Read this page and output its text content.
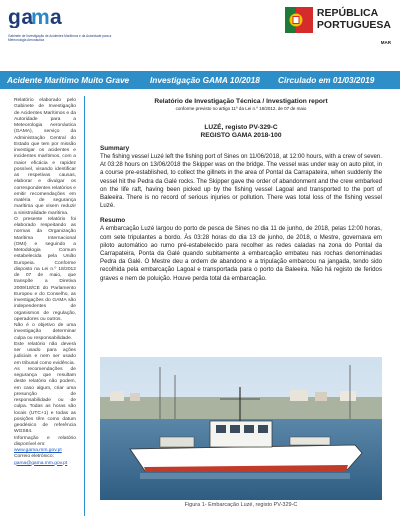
ga
m a
Gabinete de Investigação de Acidentes Marítimos e da Autoridade para a Meteorologia Aeronáutica
REPÚBLICA
PORTUGUESA
MAR
Acidente Marítimo Muito Grave	Investigação GAMA 10/2018 Circulado em 01/03/2019

Relatório elaborado pelo Gabinete de Investigação de Acidentes Marítimos e da Autoridade para a Meteorologia Aeronáutica (GAMA), serviço da Administração Central do Estado que tem por missão investigar os acidentes e incidentes marítimos, com a maior eficácia e rapidez possível, visando identificar as respetivas causas, elaborar e divulgar os correspondentes relatórios e emitir recomendações em matéria de segurança marítima que visem reduzir a sinistralidade marítima.

O presente relatório foi elaborado respeitando as normas da Organização Marítima Internacional (OMI) e seguindo a Metodologia Comum estabelecida pela União Europeia. Conforme disposto na Lei n.º 18/2012 de 07 de maio, que transpõe a Diretiva 2009/18/CE do Parlamento Europeu e do Conselho, as investigações do GAMA são independentes de organismos de regulação, operadores ou outros.

Não é o objetivo de uma investigação determinar culpa ou responsabilidade.

Este relatório não deverá ser usado para ações judiciais e nem ser usado em tribunal como evidência.

As recomendações de segurança que resultam deste relatório não podem, em caso algum, criar uma presunção de responsabilidade ou de culpa. Todas as horas são locais (UTC+1) e todas as posições têm como datum geodésico de referência WGS84.

Informação e relatório disponível em:

www.gama.mm.gov.pt

Correio eletrónico:

gama@gama.mm.gov.pt

Relatório de Investigação Técnica / Investigation report
conforme previsto no artigo 11º da Lei n.º 18/2012, de 07 de maio
LUZÉ, registo PV-329-C
REGISTO GAMA 2018-100
Summary
The fishing vessel Luzé left the fishing port of Sines on 11/06/2018, at 12:00 hours, with a crew of seven. At 03:28 hours on 13/06/2018 the Skipper was on the bridge. The vessel was under way on auto pilot, in a course pre-established, to collect the gillnets in the area of Pontal da Carrapateira, when suddenly the vessel hit the Pedra da Galé rocks. The Skipper gave the order of abandonment and the crew embarked on the life raft, having been picked up by the fishing vessel Lagoal and transported to the port of Baleeira. There is no record of serious injuries or pollution. There was total loss of the fishing vessel Luzé.
Resumo
A embarcação Luzé largou do porto de pesca de Sines no dia 11 de junho, de 2018, pelas 12:00 horas, com sete tripulantes a bordo. Às 03:28 horas do dia 13 de junho, de 2018, o Mestre, governava em piloto automático ao rumo pré-estabelecido para recolher as redes caladas na zona do Pontal da Carrapateira, Ponta da Galé quando subitamente a embarcação embateu nas rochas denominadas Pedra da Galé. O Mestre deu a ordem de abandono e a tripulação embarcou na jangada, tendo sido recolhida pela embarcação Lagoal e transportada para o porto da Baleeira. Não há registo de feridos graves e nem de poluição. Houve perda total da embarcação.
Figura 1- Embarcação Luzé, registo PV-329-C
